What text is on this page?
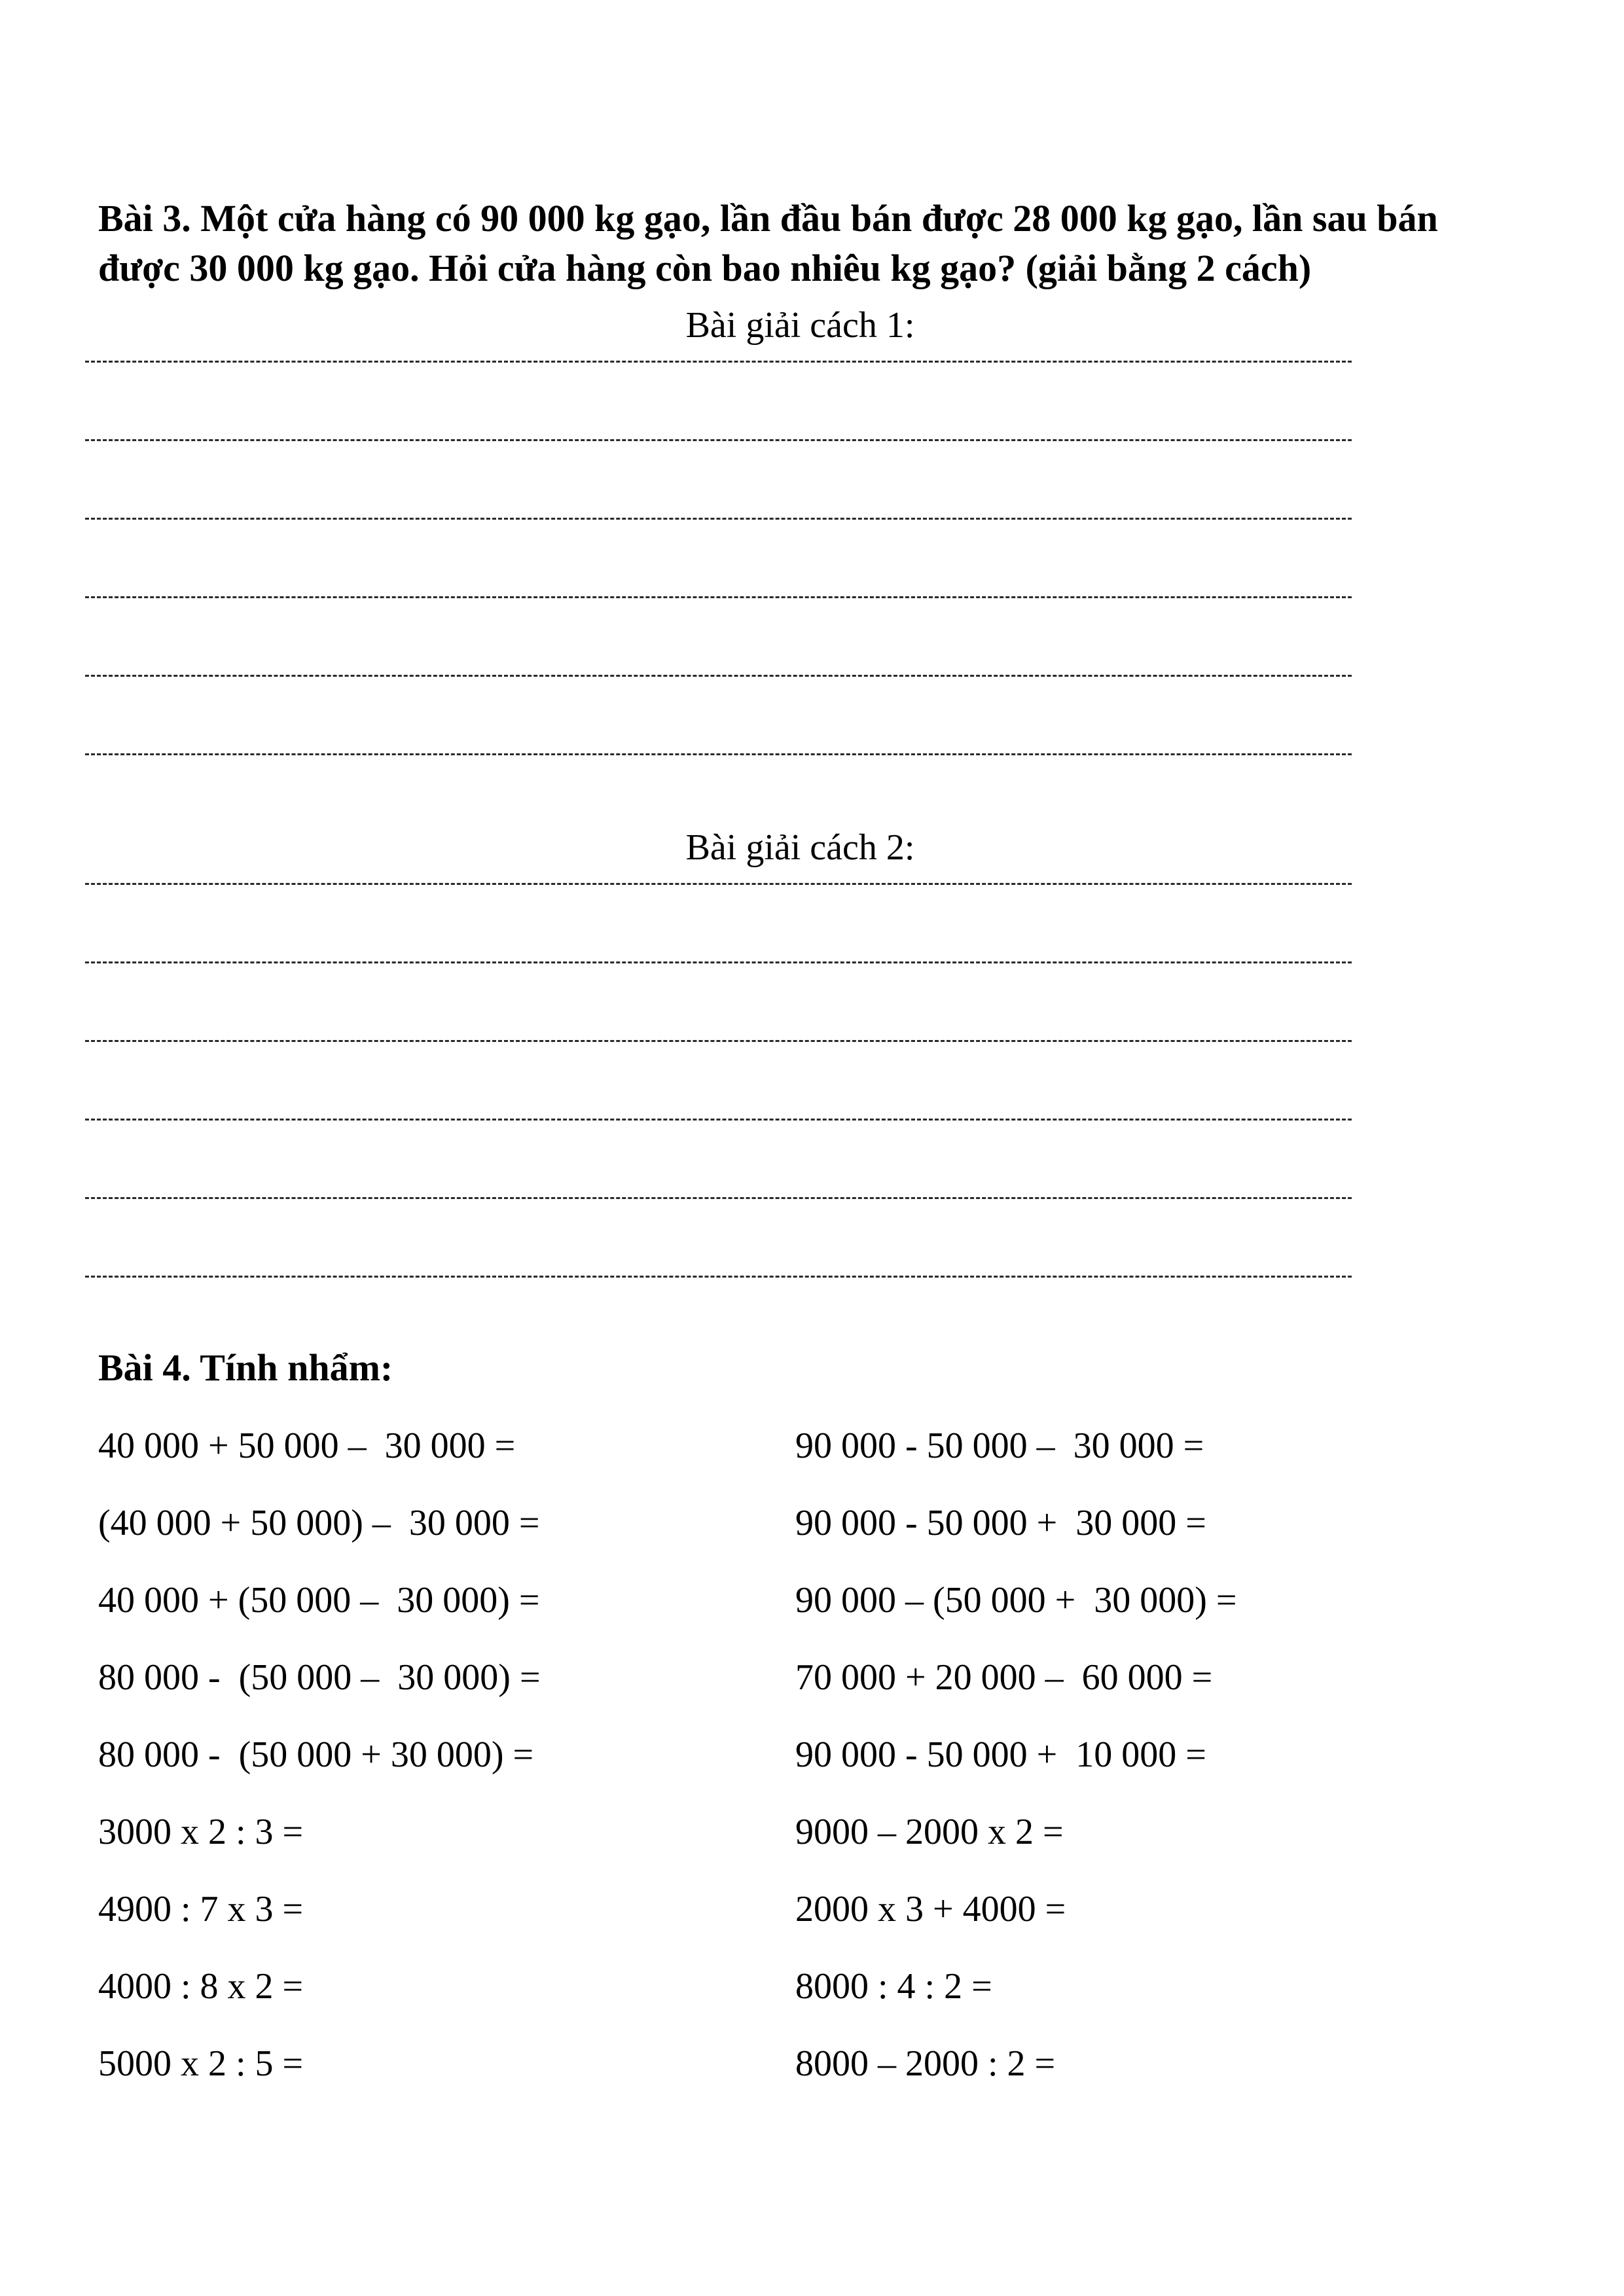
Bài 3. Một cửa hàng có 90 000 kg gạo, lần đầu bán được 28 000 kg gạo, lần sau bán được 30 000 kg gạo. Hỏi cửa hàng còn bao nhiêu kg gạo? (giải bằng 2 cách)
Bài giải cách 1:
Bài giải cách 2:
Bài 4. Tính nhẩm:
40 000 + 50 000 –  30 000 =
(40 000 + 50 000) –  30 000 =
40 000 + (50 000 –  30 000) =
80 000 -  (50 000 –  30 000) =
80 000 -  (50 000 + 30 000) =
3000 x 2 : 3 =
4900 : 7 x 3 =
4000 : 8 x 2 =
5000 x 2 : 5 =
90 000 - 50 000 –  30 000 =
90 000 - 50 000 +  30 000 =
90 000 – (50 000 +  30 000) =
70 000 + 20 000 –  60 000 =
90 000 - 50 000 +  10 000 =
9000 – 2000 x 2 =
2000 x 3 + 4000 =
8000 : 4 : 2 =
8000 – 2000 : 2 =
